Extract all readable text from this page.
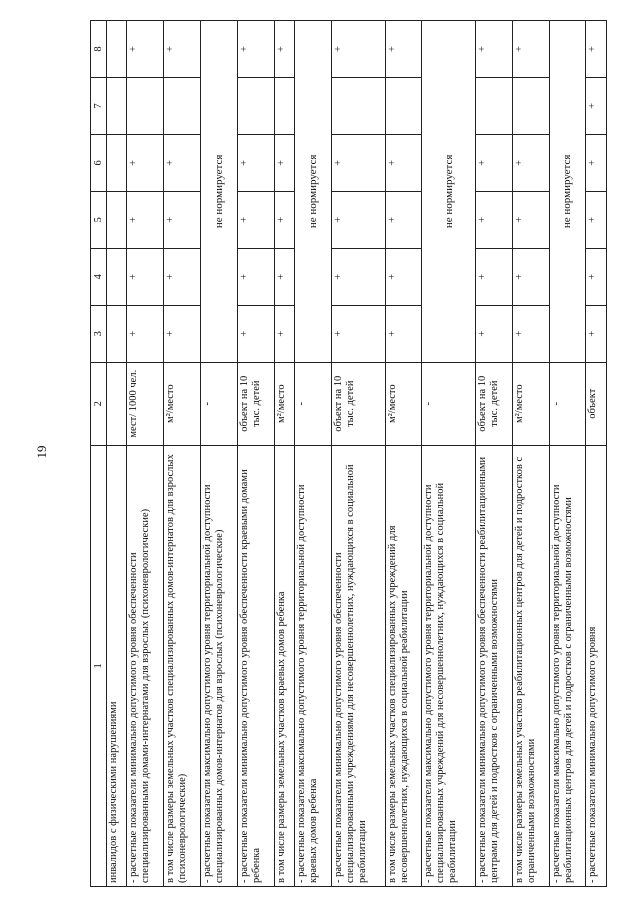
19
1	2	3	4	5	6	7	8
инвалидов с физическими нарушениями							
- расчетные показатели минимально допустимого уровня обеспеченности специализированными домами-интернатами для взрослых (психоневрологические)	мест/ 1000 чел.	+	+	+	+		+
в том числе размеры земельных участков специализированных домов-интернатов для взрослых (психоневрологические)	м²/место	+	+	+	+		+
- расчетные показатели максимально допустимого уровня территориальной доступности специализированных домов-интернатов для взрослых (психоневрологические)	-	не нормируется					
- расчетные показатели минимально допустимого уровня обеспеченности краевыми домами ребенка	объект на 10 тыс. детей	+	+	+	+		+
в том числе размеры земельных участков краевых домов ребенка	м²/место	+	+	+	+		+
- расчетные показатели максимально допустимого уровня территориальной доступности краевых домов ребенка	-	не нормируется					
- расчетные показатели минимально допустимого уровня обеспеченности специализированными учреждениями для несовершеннолетних, нуждающихся в социальной реабилитации	объект на 10 тыс. детей	+	+	+	+		+
в том числе размеры земельных участков специализированных учреждений для несовершеннолетних, нуждающихся в социальной реабилитации	м²/место	+	+	+	+		+
- расчетные показатели максимально допустимого уровня территориальной доступности специализированных учреждений для несовершеннолетних, нуждающихся в социальной реабилитации	-	не нормируется					
- расчетные показатели минимально допустимого уровня обеспеченности реабилитационными центрами для детей и подростков с ограниченными возможностями	объект на 10 тыс. детей	+	+	+	+		+
в том числе размеры земельных участков реабилитационных центров для детей и подростков с ограниченными возможностями	м²/место	+	+	+	+		+
- расчетные показатели максимально допустимого уровня территориальной доступности реабилитационных центров для детей и подростков с ограниченными возможностями	-	не нормируется					
- расчетные показатели минимально допустимого уровня	объект	+	+	+	+	+	+
